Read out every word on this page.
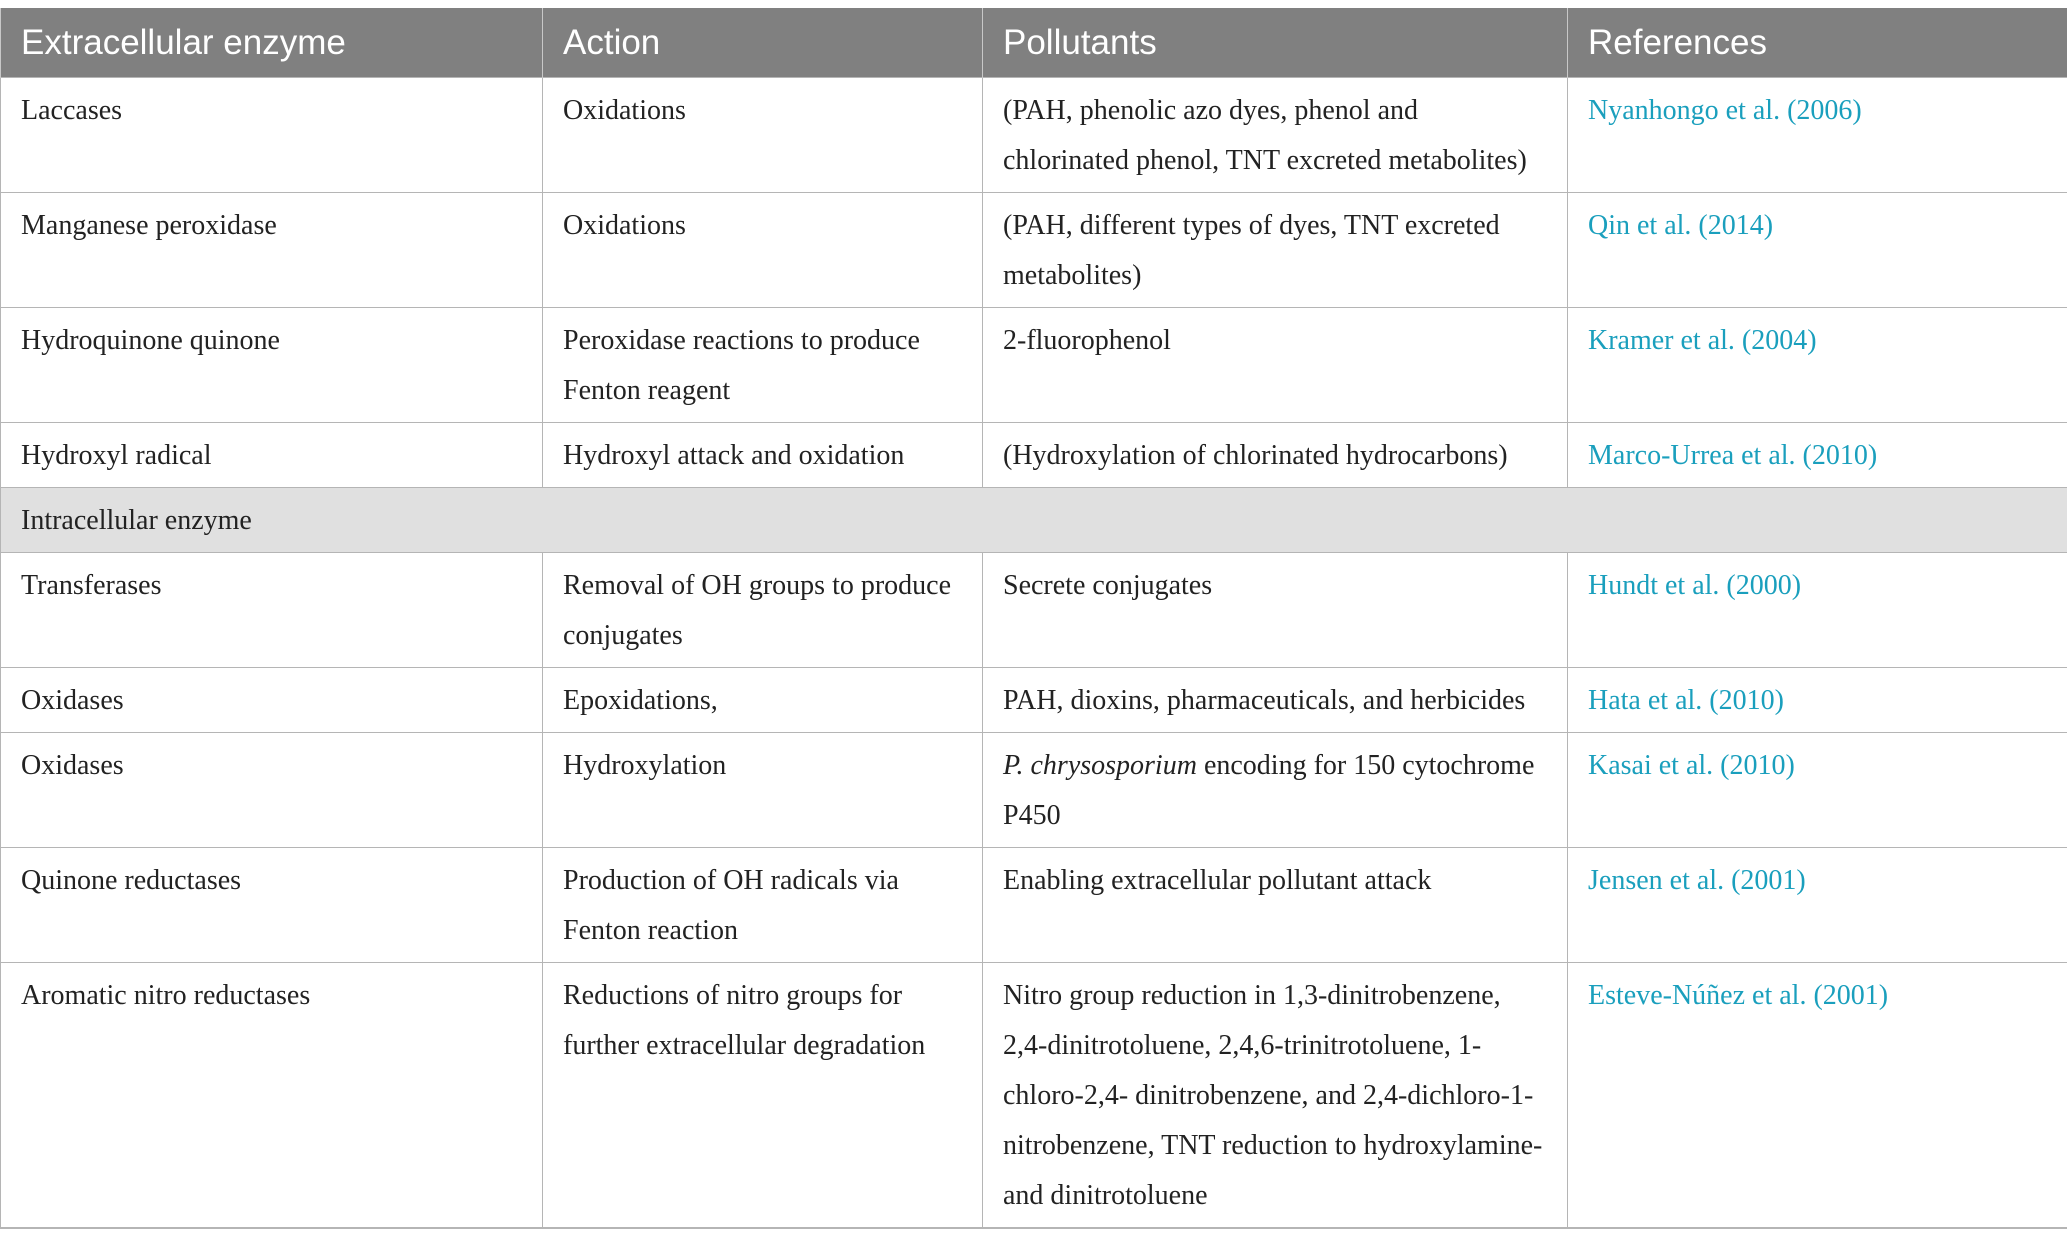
Extracellular enzyme	Action	Pollutants	References
Laccases	Oxidations	(PAH, phenolic azo dyes, phenol and chlorinated phenol, TNT excreted metabolites)	Nyanhongo et al. (2006)
Manganese peroxidase	Oxidations	(PAH, different types of dyes, TNT excreted metabolites)	Qin et al. (2014)
Hydroquinone quinone	Peroxidase reactions to produce Fenton reagent	2-fluorophenol	Kramer et al. (2004)
Hydroxyl radical	Hydroxyl attack and oxidation	(Hydroxylation of chlorinated hydrocarbons)	Marco-Urrea et al. (2010)
Intracellular enzyme			
Transferases	Removal of OH groups to produce conjugates	Secrete conjugates	Hundt et al. (2000)
Oxidases	Epoxidations,	PAH, dioxins, pharmaceuticals, and herbicides	Hata et al. (2010)
Oxidases	Hydroxylation	P. chrysosporium encoding for 150 cytochrome P450	Kasai et al. (2010)
Quinone reductases	Production of OH radicals via Fenton reaction	Enabling extracellular pollutant attack	Jensen et al. (2001)
Aromatic nitro reductases	Reductions of nitro groups for further extracellular degradation	Nitro group reduction in 1,3-dinitrobenzene, 2,4-dinitrotoluene, 2,4,6-trinitrotoluene, 1-chloro-2,4- dinitrobenzene, and 2,4-dichloro-1-nitrobenzene, TNT reduction to hydroxylamine- and dinitrotoluene	Esteve-Núñez et al. (2001)
